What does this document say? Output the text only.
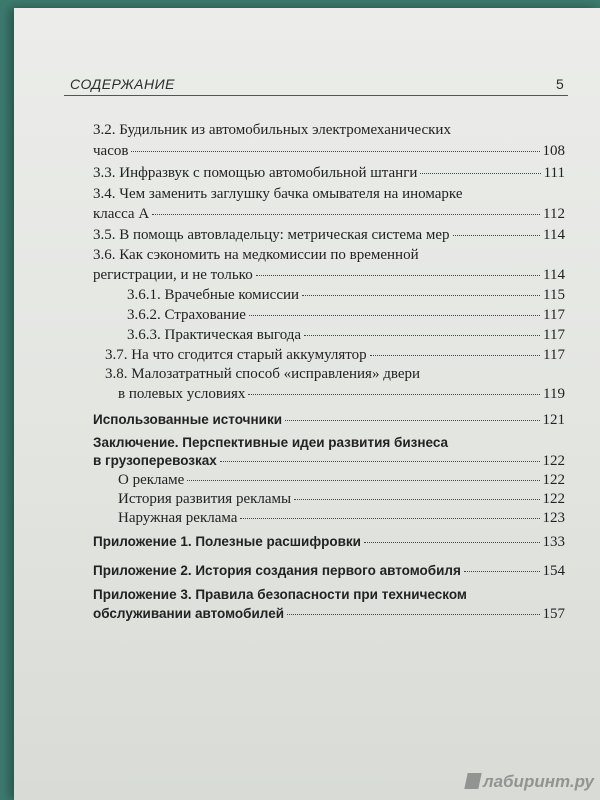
СОДЕРЖАНИЕ	5
3.2. Будильник из автомобильных электромеханических
часов	108
3.3. Инфразвук с помощью автомобильной штанги	111
3.4. Чем заменить заглушку бачка омывателя на иномарке
класса А	112
3.5. В помощь автовладельцу: метрическая система мер	114
3.6. Как сэкономить на медкомиссии по временной
регистрации, и не только	114
3.6.1. Врачебные комиссии	115
3.6.2. Страхование	117
3.6.3. Практическая выгода	117
3.7. На что сгодится старый аккумулятор	117
3.8. Малозатратный способ «исправления» двери
в полевых условиях	119
Использованные источники	121
Заключение. Перспективные идеи развития бизнеса
в грузоперевозках	122
О рекламе	122
История развития рекламы	122
Наружная реклама	123
Приложение 1. Полезные расшифровки	133
Приложение 2. История создания первого автомобиля	154
Приложение 3. Правила безопасности при техническом
обслуживании автомобилей	157
лабиринт.ру
